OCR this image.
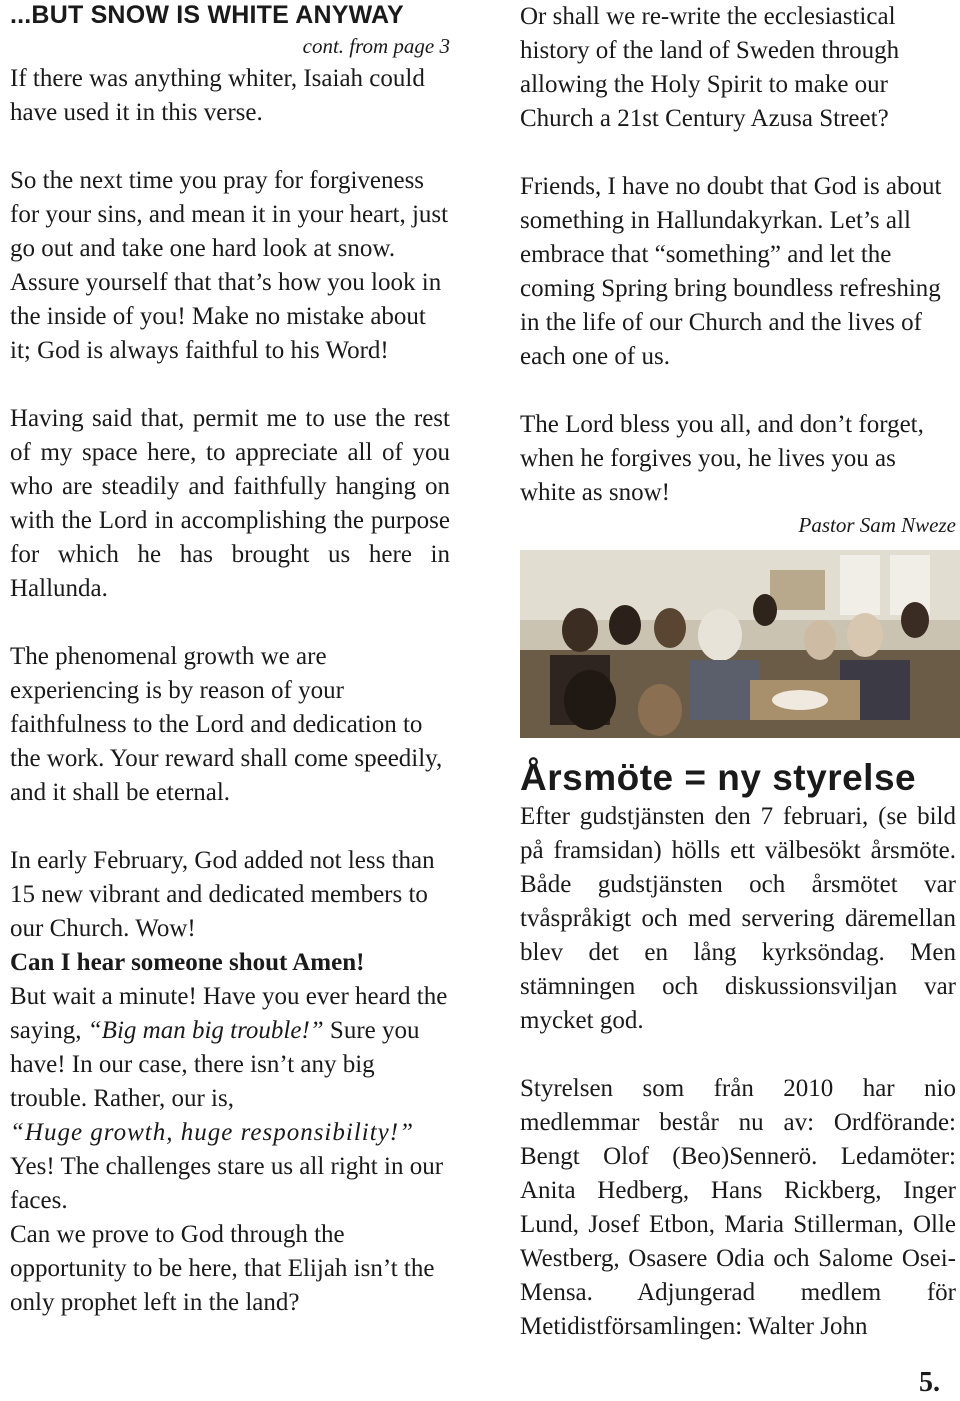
...BUT SNOW IS WHITE ANYWAY
cont. from page 3

If there was anything whiter, Isaiah could have used it in this verse.

So the next time you pray for forgiveness for your sins, and mean it in your heart, just go out and take one hard look at snow. Assure yourself that that’s how you look in the inside of you! Make no mistake about it; God is always faithful to his Word!

Having said that, permit me to use the rest of my space here, to appreciate all of you who are steadily and faithfully hanging on with the Lord in accomplishing the purpose for which he has brought us here in Hallunda.

The phenomenal growth we are experiencing is by reason of your faithfulness to the Lord and dedication to the work. Your reward shall come speedily, and it shall be eternal.

In early February, God added not less than 15 new vibrant and dedicated members to our Church. Wow!

Can I hear someone shout Amen!

But wait a minute! Have you ever heard the saying, “Big man big trouble!” Sure you have! In our case, there isn’t any big trouble. Rather, our is,

“Huge growth, huge responsibility!”

Yes! The challenges stare us all right in our faces.

Can we prove to God through the opportunity to be here, that Elijah isn’t the only prophet left in the land?

Or shall we re-write the ecclesiastical history of the land of Sweden through allowing the Holy Spirit to make our Church a 21st Century Azusa Street?

Friends, I have no doubt that God is about something in Hallundakyrkan. Let’s all embrace that “something” and let the coming Spring bring boundless refreshing in the life of our Church and the lives of each one of us.

The Lord bless you all, and don’t forget, when he forgives you, he lives you as white as snow!

Pastor Sam Nweze
Årsmöte = ny styrelse

Efter gudstjänsten den 7 februari, (se bild på framsidan) hölls ett välbesökt årsmöte. Både gudstjänsten och årsmötet var tvåspråkigt och med servering däremellan blev det en lång kyrksöndag. Men stämningen och diskussionsviljan var mycket god.

Styrelsen som från 2010 har nio medlemmar består nu av: Ordförande: Bengt Olof (Beo)Sennerö. Ledamöter: Anita Hedberg, Hans Rickberg, Inger Lund, Josef Etbon, Maria Stillerman, Olle Westberg, Osasere Odia och Salome Osei-Mensa. Adjungerad medlem för Metidistförsamlingen: Walter John

5.
